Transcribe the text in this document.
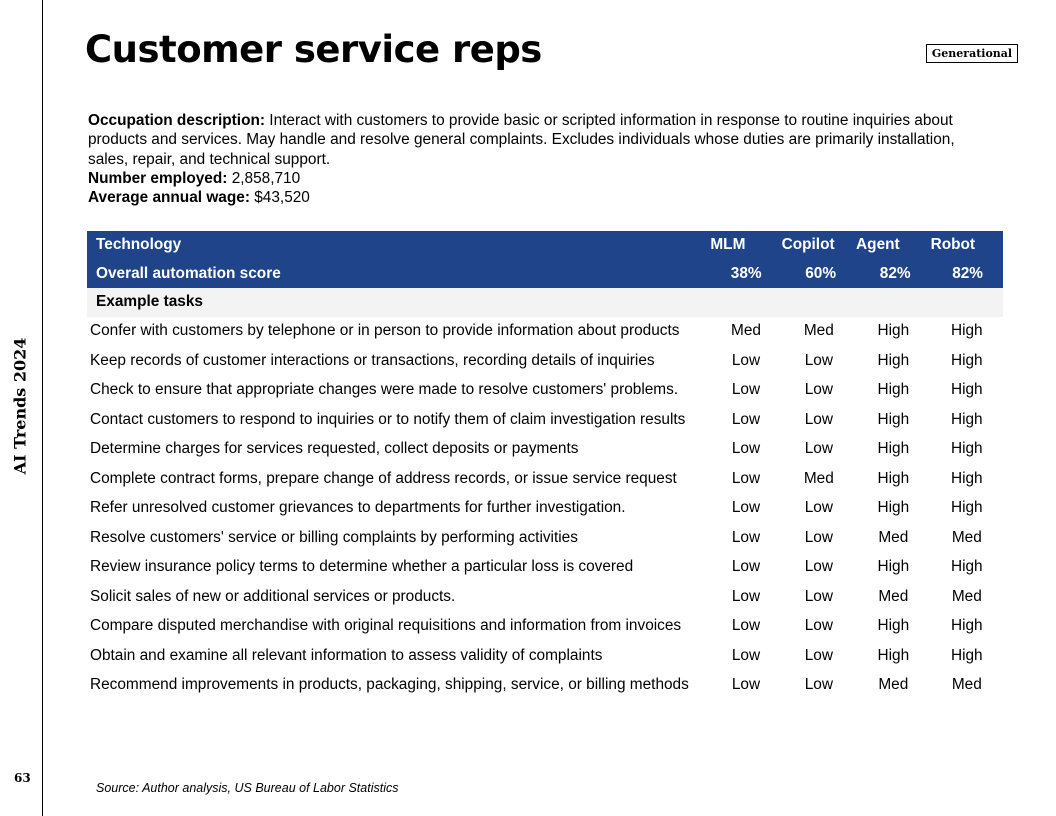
AI Trends 2024
63
Customer service reps	Generational

Occupation description: Interact with customers to provide basic or scripted information in response to routine inquiries about products and services. May handle and resolve general complaints. Excludes individuals whose duties are primarily installation, sales, repair, and technical support.

Number employed: 2,858,710

Average annual wage: $43,520

Technology	MLM	Copilot	Agent	Robot
Overall automation score	38%	60%	82%	82%
Example tasks				
Confer with customers by telephone or in person to provide information about products	Med	Med	High	High
Keep records of customer interactions or transactions, recording details of inquiries	Low	Low	High	High
Check to ensure that appropriate changes were made to resolve customers' problems.	Low	Low	High	High
Contact customers to respond to inquiries or to notify them of claim investigation results	Low	Low	High	High
Determine charges for services requested, collect deposits or payments	Low	Low	High	High
Complete contract forms, prepare change of address records, or issue service request	Low	Med	High	High
Refer unresolved customer grievances to departments for further investigation.	Low	Low	High	High
Resolve customers' service or billing complaints by performing activities	Low	Low	Med	Med
Review insurance policy terms to determine whether a particular loss is covered	Low	Low	High	High
Solicit sales of new or additional services or products.	Low	Low	Med	Med
Compare disputed merchandise with original requisitions and information from invoices	Low	Low	High	High
Obtain and examine all relevant information to assess validity of complaints	Low	Low	High	High
Recommend improvements in products, packaging, shipping, service, or billing methods	Low	Low	Med	Med
Source: Author analysis, US Bureau of Labor Statistics
